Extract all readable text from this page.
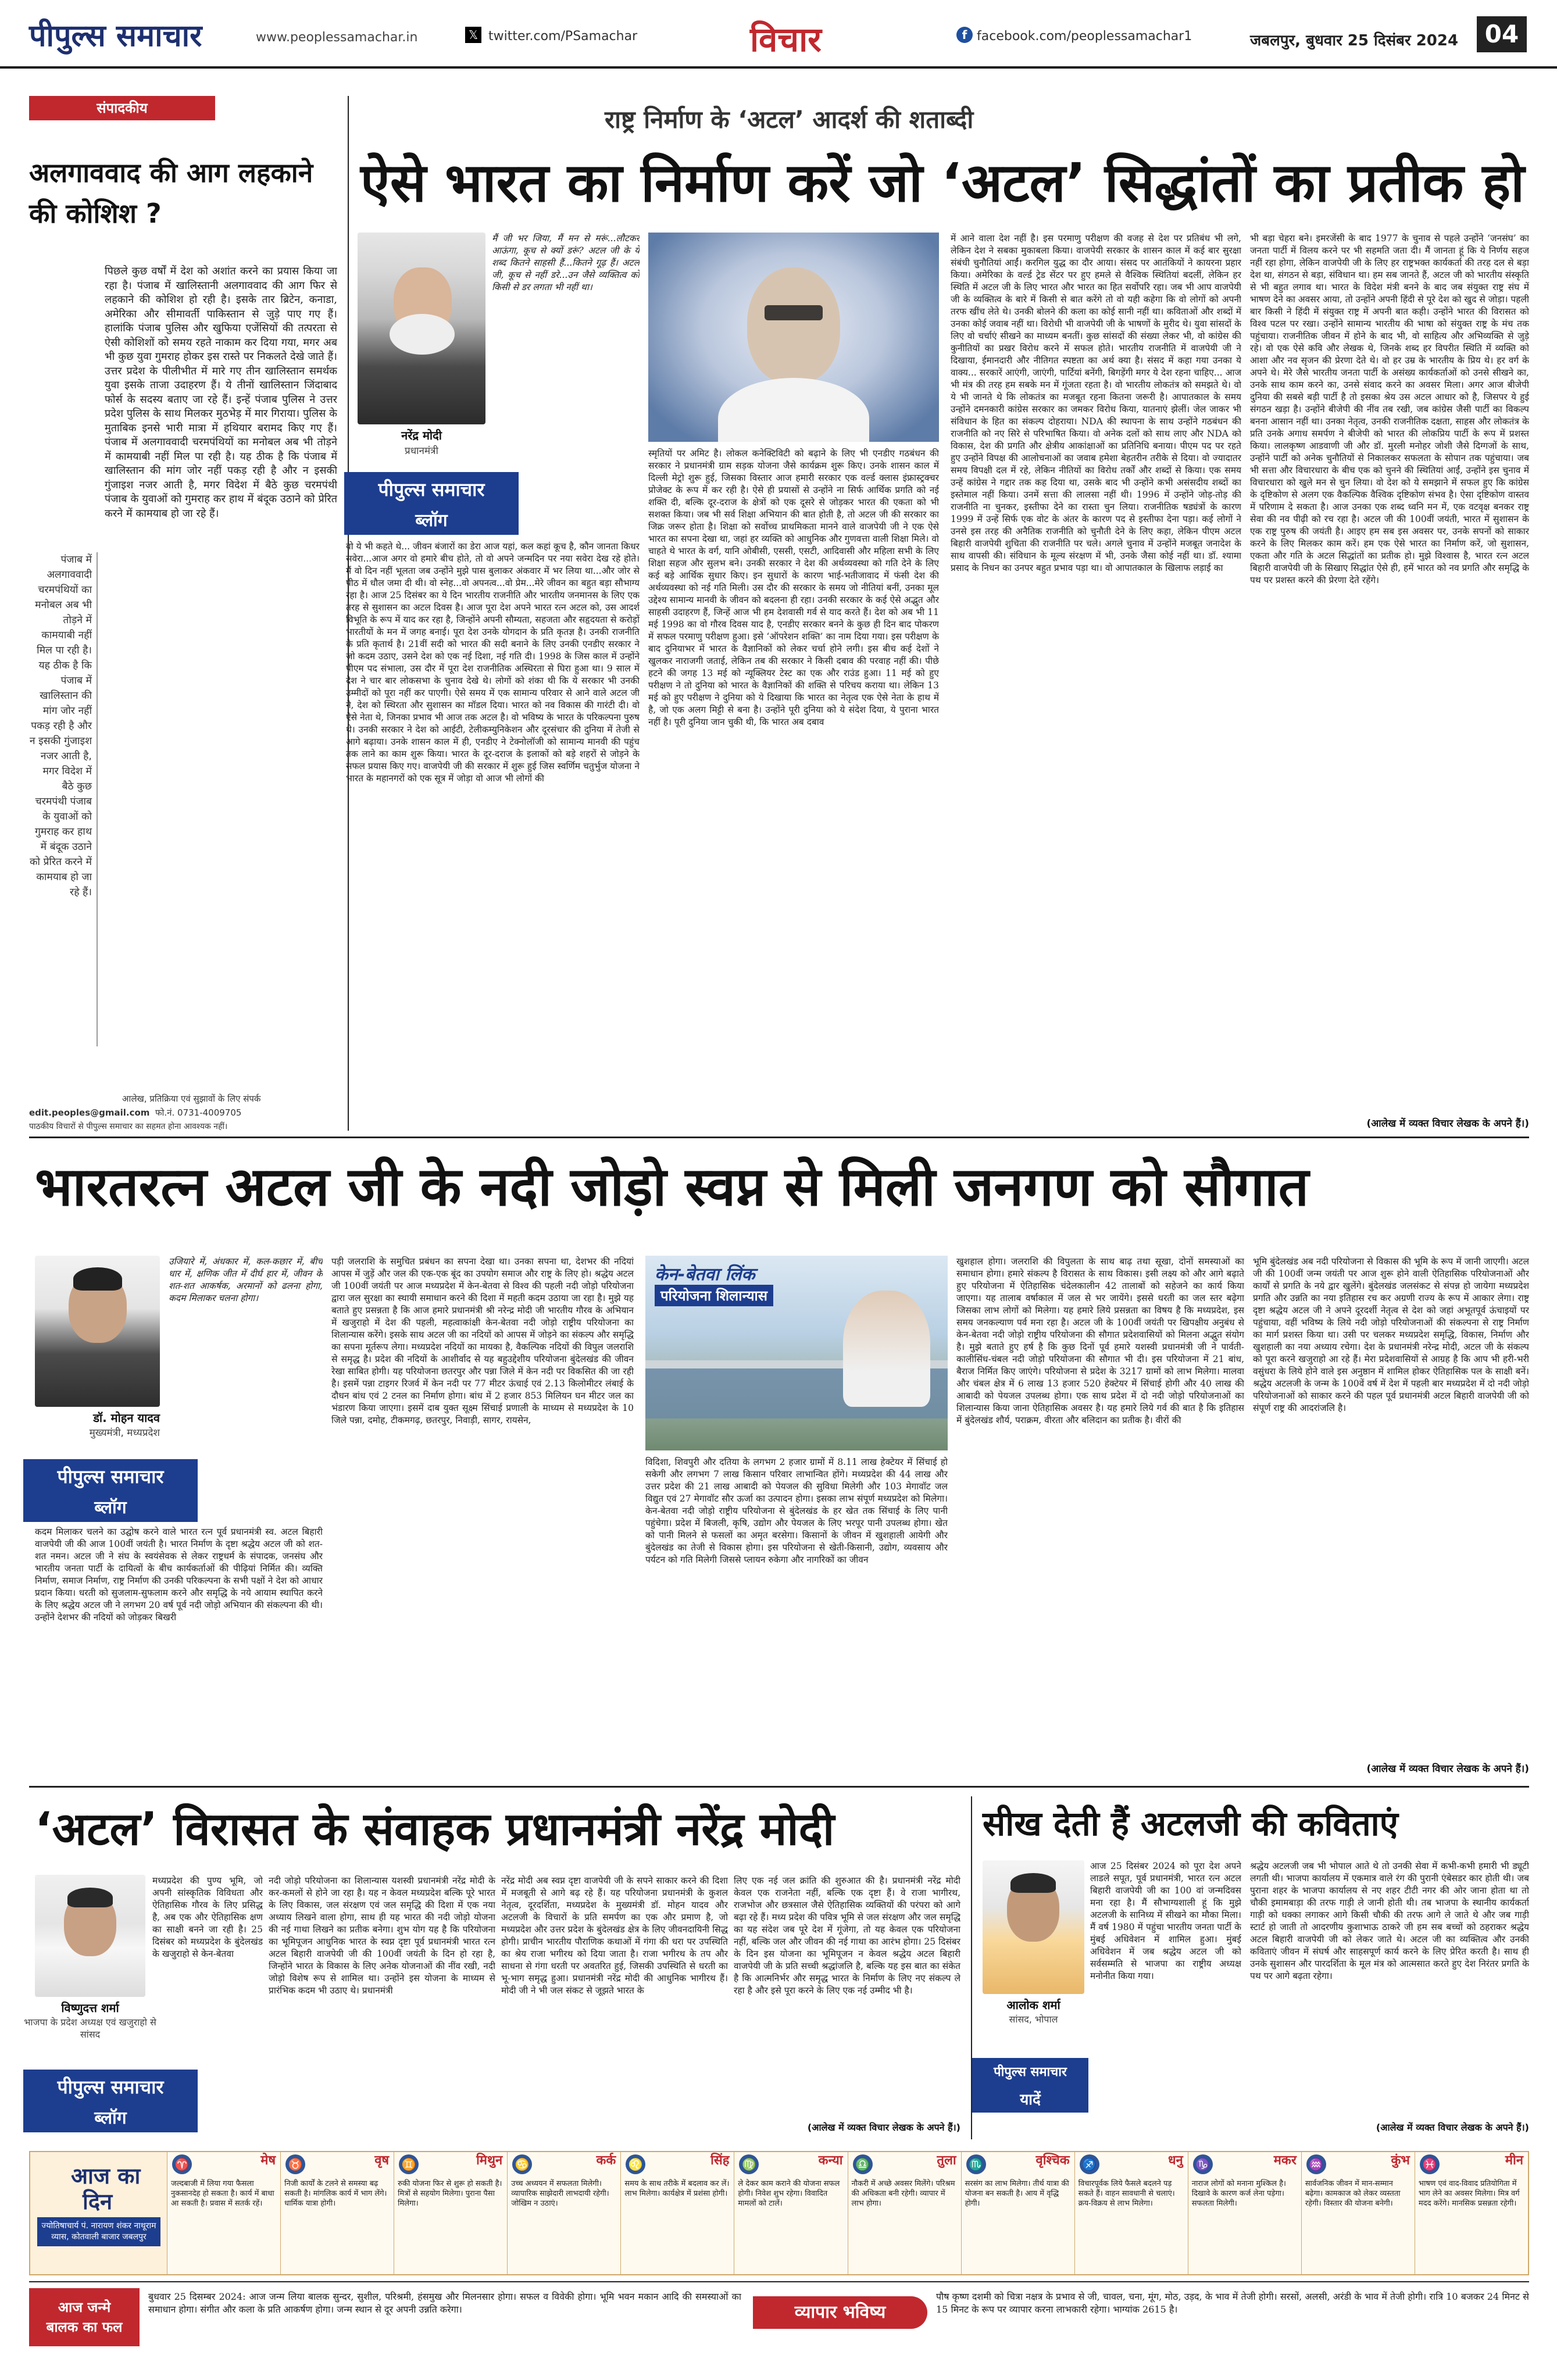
पीपुल्स समाचार	www.peoplessamachar.in	𝕏 twitter.com/PSamachar	विचार	f facebook.com/peoplessamachar1	जबलपुर, बुधवार 25 दिसंबर 2024	04
संपादकीय
अलगाववाद की आग लहकाने की कोशिश ?
पिछले कुछ वर्षों में देश को अशांत करने का प्रयास किया जा रहा है। पंजाब में खालिस्तानी अलगाववाद की आग फिर से लहकाने की कोशिश हो रही है। इसके तार ब्रिटेन, कनाडा, अमेरिका और सीमावर्ती पाकिस्तान से जुड़े पाए गए हैं। हालांकि पंजाब पुलिस और खुफिया एजेंसियों की तत्परता से ऐसी कोशिशों को समय रहते नाकाम कर दिया गया, मगर अब भी कुछ युवा गुमराह होकर इस रास्ते पर निकलते देखे जाते हैं। उत्तर प्रदेश के पीलीभीत में मारे गए तीन खालिस्तान समर्थक युवा इसके ताजा उदाहरण हैं। ये तीनों खालिस्तान जिंदाबाद फोर्स के सदस्य बताए जा रहे हैं। इन्हें पंजाब पुलिस ने उत्तर प्रदेश पुलिस के साथ मिलकर मुठभेड़ में मार गिराया। पुलिस के मुताबिक इनसे भारी मात्रा में हथियार बरामद किए गए हैं। पंजाब में अलगाववादी चरमपंथियों का मनोबल अब भी तोड़ने में कामयाबी नहीं मिल पा रही है। यह ठीक है कि पंजाब में खालिस्तान की मांग जोर नहीं पकड़ रही है और न इसकी गुंजाइश नजर आती है, मगर विदेश में बैठे कुछ चरमपंथी पंजाब के युवाओं को गुमराह कर हाथ में बंदूक उठाने को प्रेरित करने में कामयाब हो जा रहे हैं।
पंजाब में अलगाववादी चरमपंथियों का मनोबल अब भी तोड़ने में कामयाबी नहीं मिल पा रही है। यह ठीक है कि पंजाब में खालिस्तान की मांग जोर नहीं पकड़ रही है और न इसकी गुंजाइश नजर आती है, मगर विदेश में बैठे कुछ चरमपंथी पंजाब के युवाओं को गुमराह कर हाथ में बंदूक उठाने को प्रेरित करने में कामयाब हो जा रहे हैं।
आलेख, प्रतिक्रिया एवं सुझावों के लिए संपर्क
edit.peoples@gmail.com फो.नं. 0731-4009705
पाठकीय विचारों से पीपुल्स समाचार का सहमत होना आवश्यक नहीं।
राष्ट्र निर्माण के ‘अटल’ आदर्श की शताब्दी
ऐसे भारत का निर्माण करें जो ‘अटल’ सिद्धांतों का प्रतीक हो
नरेंद्र मोदी
प्रधानमंत्री
मैं जी भर जिया, मैं मन से मरूं...लौटकर आऊंगा, कूच से क्यों डरूं? अटल जी के ये शब्द कितने साहसी हैं...कितने गूढ़ हैं। अटल जी, कूच से नहीं डरे...उन जैसे व्यक्तित्व को किसी से डर लगता भी नहीं था।
पीपुल्स समाचार
ब्लॉग
वो ये भी कहते थे... जीवन बंजारों का डेरा आज यहां, कल कहां कूच है, कौन जानता किधर सवेरा...आज अगर वो हमारे बीच होते, तो वो अपने जन्मदिन पर नया सवेरा देख रहे होते। मैं वो दिन नहीं भूलता जब उन्होंने मुझे पास बुलाकर अंकवार में भर लिया था...और जोर से पीठ में धौल जमा दी थी। वो स्नेह...वो अपनत्व...वो प्रेम...मेरे जीवन का बहुत बड़ा सौभाग्य रहा है। आज 25 दिसंबर का ये दिन भारतीय राजनीति और भारतीय जनमानस के लिए एक तरह से सुशासन का अटल दिवस है। आज पूरा देश अपने भारत रत्न अटल को, उस आदर्श विभूति के रूप में याद कर रहा है, जिन्होंने अपनी सौम्यता, सहजता और सहृदयता से करोड़ों भारतीयों के मन में जगह बनाई। पूरा देश उनके योगदान के प्रति कृतज्ञ है। उनकी राजनीति के प्रति कृतार्थ है। 21वीं सदी को भारत की सदी बनाने के लिए उनकी एनडीए सरकार ने जो कदम उठाए, उसने देश को एक नई दिशा, नई गति दी। 1998 के जिस काल में उन्होंने पीएम पद संभाला, उस दौर में पूरा देश राजनीतिक अस्थिरता से घिरा हुआ था। 9 साल में देश ने चार बार लोकसभा के चुनाव देखे थे। लोगों को शंका थी कि ये सरकार भी उनकी उम्मीदों को पूरा नहीं कर पाएगी। ऐसे समय में एक सामान्य परिवार से आने वाले अटल जी ने, देश को स्थिरता और सुशासन का मॉडल दिया। भारत को नव विकास की गारंटी दी। वो ऐसे नेता थे, जिनका प्रभाव भी आज तक अटल है। वो भविष्य के भारत के परिकल्पना पुरुष थे। उनकी सरकार ने देश को आईटी, टेलीकम्युनिकेशन और दूरसंचार की दुनिया में तेजी से आगे बढ़ाया। उनके शासन काल में ही, एनडीए ने टेक्नोलॉजी को सामान्य मानवी की पहुंच तक लाने का काम शुरू किया। भारत के दूर-दराज के इलाकों को बड़े शहरों से जोड़ने के सफल प्रयास किए गए। वाजपेयी जी की सरकार में शुरू हुई जिस स्वर्णिम चतुर्भुज योजना ने भारत के महानगरों को एक सूत्र में जोड़ा वो आज भी लोगों की
स्मृतियों पर अमिट है। लोकल कनेक्टिविटी को बढ़ाने के लिए भी एनडीए गठबंधन की सरकार ने प्रधानमंत्री ग्राम सड़क योजना जैसे कार्यक्रम शुरू किए। उनके शासन काल में दिल्ली मेट्रो शुरू हुई, जिसका विस्तार आज हमारी सरकार एक वर्ल्ड क्लास इंफ्रास्ट्रक्चर प्रोजेक्ट के रूप में कर रही है। ऐसे ही प्रयासों से उन्होंने ना सिर्फ आर्थिक प्रगति को नई शक्ति दी, बल्कि दूर-दराज के क्षेत्रों को एक दूसरे से जोड़कर भारत की एकता को भी सशक्त किया। जब भी सर्व शिक्षा अभियान की बात होती है, तो अटल जी की सरकार का जिक्र जरूर होता है। शिक्षा को सर्वोच्च प्राथमिकता मानने वाले वाजपेयी जी ने एक ऐसे भारत का सपना देखा था, जहां हर व्यक्ति को आधुनिक और गुणवत्ता वाली शिक्षा मिले। वो चाहते थे भारत के वर्ग, यानि ओबीसी, एससी, एसटी, आदिवासी और महिला सभी के लिए शिक्षा सहज और सुलभ बने। उनकी सरकार ने देश की अर्थव्यवस्था को गति देने के लिए कई बड़े आर्थिक सुधार किए। इन सुधारों के कारण भाई-भतीजावाद में फंसी देश की अर्थव्यवस्था को नई गति मिली। उस दौर की सरकार के समय जो नीतियां बनीं, उनका मूल उद्देश्य सामान्य मानवी के जीवन को बदलना ही रहा। उनकी सरकार के कई ऐसे अद्भुत और साहसी उदाहरण हैं, जिन्हें आज भी हम देशवासी गर्व से याद करते हैं। देश को अब भी 11 मई 1998 का वो गौरव दिवस याद है, एनडीए सरकार बनने के कुछ ही दिन बाद पोकरण में सफल परमाणु परीक्षण हुआ। इसे ‘ऑपरेशन शक्ति’ का नाम दिया गया। इस परीक्षण के बाद दुनियाभर में भारत के वैज्ञानिकों को लेकर चर्चा होने लगी। इस बीच कई देशों ने खुलकर नाराजगी जताई, लेकिन तब की सरकार ने किसी दबाव की परवाह नहीं की। पीछे हटने की जगह 13 मई को न्यूक्लियर टेस्ट का एक और राउंड हुआ। 11 मई को हुए परीक्षण ने तो दुनिया को भारत के वैज्ञानिकों की शक्ति से परिचय कराया था। लेकिन 13 मई को हुए परीक्षण ने दुनिया को ये दिखाया कि भारत का नेतृत्व एक ऐसे नेता के हाथ में है, जो एक अलग मिट्टी से बना है। उन्होंने पूरी दुनिया को ये संदेश दिया, ये पुराना भारत नहीं है। पूरी दुनिया जान चुकी थी, कि भारत अब दबाव
में आने वाला देश नहीं है। इस परमाणु परीक्षण की वजह से देश पर प्रतिबंध भी लगे, लेकिन देश ने सबका मुकाबला किया। वाजपेयी सरकार के शासन काल में कई बार सुरक्षा संबंधी चुनौतियां आईं। करगिल युद्ध का दौर आया। संसद पर आतंकियों ने कायरना प्रहार किया। अमेरिका के वर्ल्ड ट्रेड सेंटर पर हुए हमले से वैश्विक स्थितियां बदलीं, लेकिन हर स्थिति में अटल जी के लिए भारत और भारत का हित सर्वोपरि रहा। जब भी आप वाजपेयी जी के व्यक्तित्व के बारे में किसी से बात करेंगे तो वो यही कहेगा कि वो लोगों को अपनी तरफ खींच लेते थे। उनकी बोलने की कला का कोई सानी नहीं था। कविताओं और शब्दों में उनका कोई जवाब नहीं था। विरोधी भी वाजपेयी जी के भाषणों के मुरीद थे। युवा सांसदों के लिए वो चर्चाएं सीखने का माध्यम बनतीं। कुछ सांसदों की संख्या लेकर भी, वो कांग्रेस की कुनीतियों का प्रखर विरोध करने में सफल होते। भारतीय राजनीति में वाजपेयी जी ने दिखाया, ईमानदारी और नीतिगत स्पष्टता का अर्थ क्या है। संसद में कहा गया उनका ये वाक्य... सरकारें आएंगी, जाएंगी, पार्टियां बनेंगी, बिगड़ेंगी मगर ये देश रहना चाहिए... आज भी मंत्र की तरह हम सबके मन में गूंजता रहता है। वो भारतीय लोकतंत्र को समझते थे। वो ये भी जानते थे कि लोकतंत्र का मजबूत रहना कितना जरूरी है। आपातकाल के समय उन्होंने दमनकारी कांग्रेस सरकार का जमकर विरोध किया, यातनाएं झेलीं। जेल जाकर भी संविधान के हित का संकल्प दोहराया। NDA की स्थापना के साथ उन्होंने गठबंधन की राजनीति को नए सिरे से परिभाषित किया। वो अनेक दलों को साथ लाए और NDA को विकास, देश की प्रगति और क्षेत्रीय आकांक्षाओं का प्रतिनिधि बनाया। पीएम पद पर रहते हुए उन्होंने विपक्ष की आलोचनाओं का जवाब हमेशा बेहतरीन तरीके से दिया। वो ज्यादातर समय विपक्षी दल में रहे, लेकिन नीतियों का विरोध तर्कों और शब्दों से किया। एक समय उन्हें कांग्रेस ने गद्दार तक कह दिया था, उसके बाद भी उन्होंने कभी असंसदीय शब्दों का इस्तेमाल नहीं किया। उनमें सत्ता की लालसा नहीं थी। 1996 में उन्होंने जोड़-तोड़ की राजनीति ना चुनकर, इस्तीफा देने का रास्ता चुन लिया। राजनीतिक षड्यंत्रों के कारण 1999 में उन्हें सिर्फ एक वोट के अंतर के कारण पद से इस्तीफा देना पड़ा। कई लोगों ने उनसे इस तरह की अनैतिक राजनीति को चुनौती देने के लिए कहा, लेकिन पीएम अटल बिहारी वाजपेयी शुचिता की राजनीति पर चले। अगले चुनाव में उन्होंने मजबूत जनादेश के साथ वापसी की। संविधान के मूल्य संरक्षण में भी, उनके जैसा कोई नहीं था। डॉ. श्यामा प्रसाद के निधन का उनपर बहुत प्रभाव पड़ा था। वो आपातकाल के खिलाफ लड़ाई का
भी बड़ा चेहरा बने। इमरजेंसी के बाद 1977 के चुनाव से पहले उन्होंने ‘जनसंघ’ का जनता पार्टी में विलय करने पर भी सहमति जता दी। मैं जानता हूं कि ये निर्णय सहज नहीं रहा होगा, लेकिन वाजपेयी जी के लिए हर राष्ट्रभक्त कार्यकर्ता की तरह दल से बड़ा देश था, संगठन से बड़ा, संविधान था। हम सब जानते हैं, अटल जी को भारतीय संस्कृति से भी बहुत लगाव था। भारत के विदेश मंत्री बनने के बाद जब संयुक्त राष्ट्र संघ में भाषण देने का अवसर आया, तो उन्होंने अपनी हिंदी से पूरे देश को खुद से जोड़ा। पहली बार किसी ने हिंदी में संयुक्त राष्ट्र में अपनी बात कही। उन्होंने भारत की विरासत को विश्व पटल पर रखा। उन्होंने सामान्य भारतीय की भाषा को संयुक्त राष्ट्र के मंच तक पहुंचाया। राजनीतिक जीवन में होने के बाद भी, वो साहित्य और अभिव्यक्ति से जुड़े रहे। वो एक ऐसे कवि और लेखक थे, जिनके शब्द हर विपरीत स्थिति में व्यक्ति को आशा और नव सृजन की प्रेरणा देते थे। वो हर उम्र के भारतीय के प्रिय थे। हर वर्ग के अपने थे। मेरे जैसे भारतीय जनता पार्टी के असंख्य कार्यकर्ताओं को उनसे सीखने का, उनके साथ काम करने का, उनसे संवाद करने का अवसर मिला। अगर आज बीजेपी दुनिया की सबसे बड़ी पार्टी है तो इसका श्रेय उस अटल आधार को है, जिसपर ये हुई संगठन खड़ा है। उन्होंने बीजेपी की नींव तब रखी, जब कांग्रेस जैसी पार्टी का विकल्प बनना आसान नहीं था। उनका नेतृत्व, उनकी राजनीतिक दक्षता, साहस और लोकतंत्र के प्रति उनके अगाध समर्पण ने बीजेपी को भारत की लोकप्रिय पार्टी के रूप में प्रशस्त किया। लालकृष्ण आडवाणी जी और डॉ. मुरली मनोहर जोशी जैसे दिग्गजों के साथ, उन्होंने पार्टी को अनेक चुनौतियों से निकालकर सफलता के सोपान तक पहुंचाया। जब भी सत्ता और विचारधारा के बीच एक को चुनने की स्थितियां आईं, उन्होंने इस चुनाव में विचारधारा को खुले मन से चुन लिया। वो देश को ये समझाने में सफल हुए कि कांग्रेस के दृष्टिकोण से अलग एक वैकल्पिक वैश्विक दृष्टिकोण संभव है। ऐसा दृष्टिकोण वास्तव में परिणाम दे सकता है। आज उनका एक शब्द ध्वनि मन में, एक वटवृक्ष बनकर राष्ट्र सेवा की नव पीढ़ी को रच रहा है। अटल जी की 100वीं जयंती, भारत में सुशासन के एक राष्ट्र पुरुष की जयंती है। आइए हम सब इस अवसर पर, उनके सपनों को साकार करने के लिए मिलकर काम करें। हम एक ऐसे भारत का निर्माण करें, जो सुशासन, एकता और गति के अटल सिद्धांतों का प्रतीक हो। मुझे विश्वास है, भारत रत्न अटल बिहारी वाजपेयी जी के सिखाए सिद्धांत ऐसे ही, हमें भारत को नव प्रगति और समृद्धि के पथ पर प्रशस्त करने की प्रेरणा देते रहेंगे।
(आलेख में व्यक्त विचार लेखक के अपने हैं।)
भारतरत्न अटल जी के नदी जोड़ो स्वप्न से मिली जनगण को सौगात
डॉ. मोहन यादव
मुख्यमंत्री, मध्यप्रदेश
उजियारे में, अंधकार में, कल-कछार में, बीच धार में, क्षणिक जीत में दीर्घ हार में, जीवन के शत-शत आकर्षक, अरमानों को ढलना होगा, कदम मिलाकर चलना होगा।
पीपुल्स समाचार
ब्लॉग
कदम मिलाकर चलने का उद्घोष करने वाले भारत रत्न पूर्व प्रधानमंत्री स्व. अटल बिहारी वाजपेयी जी की आज 100वीं जयंती है। भारत निर्माण के दृष्टा श्रद्धेय अटल जी को शत-शत नमन। अटल जी ने संघ के स्वयंसेवक से लेकर राष्ट्रधर्म के संपादक, जनसंघ और भारतीय जनता पार्टी के दायित्वों के बीच कार्यकर्ताओं की पीढ़ियां निर्मित की। व्यक्ति निर्माण, समाज निर्माण, राष्ट्र निर्माण की उनकी परिकल्पना के सभी पक्षों ने देश को आधार प्रदान किया। धरती को सुजलाम-सुफलाम करने और समृद्धि के नये आयाम स्थापित करने के लिए श्रद्धेय अटल जी ने लगभग 20 वर्ष पूर्व नदी जोड़ो अभियान की संकल्पना की थी। उन्होंने देशभर की नदियों को जोड़कर बिखरी
पड़ी जलराशि के समुचित प्रबंधन का सपना देखा था। उनका सपना था, देशभर की नदियां आपस में जुड़ें और जल की एक-एक बूंद का उपयोग समाज और राष्ट्र के लिए हो। श्रद्धेय अटल जी 100वीं जयंती पर आज मध्यप्रदेश में केन-बेतवा से विश्व की पहली नदी जोड़ो परियोजना द्वारा जल सुरक्षा का स्थायी समाधान करने की दिशा में महती कदम उठाया जा रहा है। मुझे यह बताते हुए प्रसन्नता है कि आज हमारे प्रधानमंत्री श्री नरेन्द्र मोदी जी भारतीय गौरव के अभियान में खजुराहो में देश की पहली, महत्वाकांक्षी केन-बेतवा नदी जोड़ो राष्ट्रीय परियोजना का शिलान्यास करेंगे। इसके साथ अटल जी का नदियों को आपस में जोड़ने का संकल्प और समृद्धि का सपना मूर्तरूप लेगा। मध्यप्रदेश नदियों का मायका है, वैकल्पिक नदियों की विपुल जलराशि से समृद्ध है। प्रदेश की नदियों के आशीर्वाद से यह बहुउद्देशीय परियोजना बुंदेलखंड की जीवन रेखा साबित होगी। यह परियोजना छतरपुर और पन्ना जिले में केन नदी पर विकसित की जा रही है। इसमें पन्ना टाइगर रिजर्व में केन नदी पर 77 मीटर ऊंचाई एवं 2.13 किलोमीटर लंबाई के दौधन बांध एवं 2 टनल का निर्माण होगा। बांध में 2 हजार 853 मिलियन घन मीटर जल का भंडारण किया जाएगा। इसमें दाब युक्त सूक्ष्म सिंचाई प्रणाली के माध्यम से मध्यप्रदेश के 10 जिले पन्ना, दमोह, टीकमगढ़, छतरपुर, निवाड़ी, सागर, रायसेन,
केन-बेतवा लिंक
परियोजना शिलान्यास
विदिशा, शिवपुरी और दतिया के लगभग 2 हजार ग्रामों में 8.11 लाख हेक्टेयर में सिंचाई हो सकेगी और लगभग 7 लाख किसान परिवार लाभान्वित होंगे। मध्यप्रदेश की 44 लाख और उत्तर प्रदेश की 21 लाख आबादी को पेयजल की सुविधा मिलेगी और 103 मेगावॉट जल विद्युत एवं 27 मेगावॉट सौर ऊर्जा का उत्पादन होगा। इसका लाभ संपूर्ण मध्यप्रदेश को मिलेगा। केन-बेतवा नदी जोड़ो राष्ट्रीय परियोजना से बुंदेलखंड के हर खेत तक सिंचाई के लिए पानी पहुंचेगा। प्रदेश में बिजली, कृषि, उद्योग और पेयजल के लिए भरपूर पानी उपलब्ध होगा। खेत को पानी मिलने से फसलों का अमृत बरसेगा। किसानों के जीवन में खुशहाली आयेगी और बुंदेलखंड का तेजी से विकास होगा। इस परियोजना से खेती-किसानी, उद्योग, व्यवसाय और पर्यटन को गति मिलेगी जिससे प्लायन रुकेगा और नागरिकों का जीवन
खुशहाल होगा। जलराशि की विपुलता के साथ बाढ़ तथा सूखा, दोनों समस्याओं का समाधान होगा। हमारे संकल्प है विरासत के साथ विकास। इसी लक्ष्य को और आगे बढ़ाते हुए परियोजना में ऐतिहासिक चंदेलकालीन 42 तालाबों को सहेजने का कार्य किया जाएगा। यह तालाब वर्षाकाल में जल से भर जायेंगे। इससे धरती का जल स्तर बढ़ेगा जिसका लाभ लोगों को मिलेगा। यह हमारे लिये प्रसन्नता का विषय है कि मध्यप्रदेश, इस समय जनकल्याण पर्व मना रहा है। अटल जी के 100वीं जयंती पर खिपक्षीय अनुबंध से केन-बेतवा नदी जोड़ो राष्ट्रीय परियोजना की सौगात प्रदेशवासियों को मिलना अद्भुत संयोग है। मुझे बताते हुए हर्ष है कि कुछ दिनों पूर्व हमारे यशस्वी प्रधानमंत्री जी ने पार्वती-कालीसिंध-चंबल नदी जोड़ो परियोजना की सौगात भी दी। इस परियोजना में 21 बांध, बैराज निर्मित किए जाएंगे। परियोजना से प्रदेश के 3217 ग्रामों को लाभ मिलेगा। मालवा और चंबल क्षेत्र में 6 लाख 13 हजार 520 हेक्टेयर में सिंचाई होगी और 40 लाख की आबादी को पेयजल उपलब्ध होगा। एक साथ प्रदेश में दो नदी जोड़ो परियोजनाओं का शिलान्यास किया जाना ऐतिहासिक अवसर है। यह हमारे लिये गर्व की बात है कि इतिहास में बुंदेलखंड शौर्य, पराक्रम, वीरता और बलिदान का प्रतीक है। वीरों की
भूमि बुंदेलखंड अब नदी परियोजना से विकास की भूमि के रूप में जानी जाएगी। अटल जी की 100वीं जन्म जयंती पर आज शुरू होने वाली ऐतिहासिक परियोजनाओं और कार्यों से प्रगति के नये द्वार खुलेंगे। बुंदेलखंड जलसंकट से संपन्न हो जायेगा मध्यप्रदेश प्रगति और उन्नति का नया इतिहास रच कर अग्रणी राज्य के रूप में आकार लेगा। राष्ट्र दृष्टा श्रद्धेय अटल जी ने अपने दूरदर्शी नेतृत्व से देश को जहां अभूतपूर्व ऊंचाइयों पर पहुंचाया, वहीं भविष्य के लिये नदी जोड़ो परियोजनाओं की संकल्पना से राष्ट्र निर्माण का मार्ग प्रशस्त किया था। उसी पर चलकर मध्यप्रदेश समृद्धि, विकास, निर्माण और खुशहाली का नया अध्याय रचेगा। देश के प्रधानमंत्री नरेन्द्र मोदी, अटल जी के संकल्प को पूरा करने खजुराहो आ रहे हैं। मेरा प्रदेशवासियों से आग्रह है कि आप भी हरी-भरी वसुंधरा के लिये होने वाले इस अनुष्ठान में शामिल होकर ऐतिहासिक पल के साक्षी बनें। श्रद्धेय अटलजी के जन्म के 100वें वर्ष में देश में पहली बार मध्यप्रदेश में दो नदी जोड़ो परियोजनाओं को साकार करने की पहल पूर्व प्रधानमंत्री अटल बिहारी वाजपेयी जी को संपूर्ण राष्ट्र की आदरांजलि है।
(आलेख में व्यक्त विचार लेखक के अपने हैं।)
‘अटल’ विरासत के संवाहक प्रधानमंत्री नरेंद्र मोदी
विष्णुदत्त शर्मा
भाजपा के प्रदेश अध्यक्ष एवं खजुराहो से सांसद
पीपुल्स समाचार
ब्लॉग
मध्यप्रदेश की पुण्य भूमि, जो अपनी सांस्कृतिक विविधता और ऐतिहासिक गौरव के लिए प्रसिद्ध है, अब एक और ऐतिहासिक क्षण का साक्षी बनने जा रही है। 25 दिसंबर को मध्यप्रदेश के बुंदेलखंड के खजुराहो से केन-बेतवा
नदी जोड़ो परियोजना का शिलान्यास यशस्वी प्रधानमंत्री नरेंद्र मोदी के कर-कमलों से होने जा रहा है। यह न केवल मध्यप्रदेश बल्कि पूरे भारत के लिए विकास, जल संरक्षण एवं जल समृद्धि की दिशा में एक नया अध्याय लिखने वाला होगा, साथ ही यह भारत की नदी जोड़ो योजना की नई गाथा लिखने का प्रतीक बनेगा। शुभ योग यह है कि परियोजना का भूमिपूजन आधुनिक भारत के स्वप्न दृष्टा पूर्व प्रधानमंत्री भारत रत्न अटल बिहारी वाजपेयी जी की 100वीं जयंती के दिन हो रहा है, जिन्होंने भारत के विकास के लिए अनेक योजनाओं की नींव रखी, नदी जोड़ो विशेष रूप से शामिल था। उन्होंने इस योजना के माध्यम से प्रारंभिक कदम भी उठाए थे। प्रधानमंत्री
नरेंद्र मोदी अब स्वप्न दृष्टा वाजपेयी जी के सपने साकार करने की दिशा में मजबूती से आगे बढ़ रहे हैं। यह परियोजना प्रधानमंत्री के कुशल नेतृत्व, दूरदर्शिता, मध्यप्रदेश के मुख्यमंत्री डॉ. मोहन यादव और अटलजी के विचारों के प्रति समर्पण का एक और प्रमाण है, जो मध्यप्रदेश और उत्तर प्रदेश के बुंदेलखंड क्षेत्र के लिए जीवनदायिनी सिद्ध होगी। प्राचीन भारतीय पौराणिक कथाओं में गंगा की धरा पर उपस्थिति का श्रेय राजा भगीरथ को दिया जाता है। राजा भगीरथ के तप और साधना से गंगा धरती पर अवतरित हुई, जिसकी उपस्थिति से धरती का भू-भाग समृद्ध हुआ। प्रधानमंत्री नरेंद्र मोदी की आधुनिक भागीरथ हैं। मोदी जी ने भी जल संकट से जूझते भारत के
लिए एक नई जल क्रांति की शुरुआत की है। प्रधानमंत्री नरेंद्र मोदी केवल एक राजनेता नहीं, बल्कि एक दृष्टा हैं। वे राजा भागीरथ, राजभोज और छत्रसाल जैसे ऐतिहासिक व्यक्तियों की परंपरा को आगे बढ़ा रहे हैं। मध्य प्रदेश की पवित्र भूमि से जल संरक्षण और जल समृद्धि का यह संदेश जब पूरे देश में गूंजेगा, तो यह केवल एक परियोजना नहीं, बल्कि जल और जीवन की नई गाथा का आरंभ होगा। 25 दिसंबर के दिन इस योजना का भूमिपूजन न केवल श्रद्धेय अटल बिहारी वाजपेयी जी के प्रति सच्ची श्रद्धांजलि है, बल्कि यह इस बात का संकेत है कि आत्मनिर्भर और समृद्ध भारत के निर्माण के लिए नए संकल्प ले रहा है और इसे पूरा करने के लिए एक नई उम्मीद भी है।
(आलेख में व्यक्त विचार लेखक के अपने हैं।)
सीख देती हैं अटलजी की कविताएं
आलोक शर्मा
सांसद, भोपाल
आज 25 दिसंबर 2024 को पूरा देश अपने लाडले सपूत, पूर्व प्रधानमंत्री, भारत रत्न अटल बिहारी वाजपेयी जी का 100 वां जन्मदिवस मना रहा है। मैं सौभाग्यशाली हूं कि मुझे अटलजी के सानिध्य में सीखने का मौका मिला। मैं वर्ष 1980 में पहुंचा भारतीय जनता पार्टी के मुंबई अधिवेशन में शामिल हुआ। मुंबई अधिवेशन में जब श्रद्धेय अटल जी को सर्वसम्मति से भाजपा का राष्ट्रीय अध्यक्ष मनोनीत किया गया।
पीपुल्स समाचार
यादें
श्रद्धेय अटलजी जब भी भोपाल आते थे तो उनकी सेवा में कभी-कभी हमारी भी ड्यूटी लगती थी। भाजपा कार्यालय में एकमात्र वाले रंग की पुरानी एंबेसडर कार होती थी। जब पुराना शहर के भाजपा कार्यालय से नए शहर टीटी नगर की ओर जाना होता था तो चौकी इमामबाड़ा की तरफ गाड़ी ले जानी होती थी। तब भाजपा के स्थानीय कार्यकर्ता गाड़ी को धक्का लगाकर आगे किसी चौकी की तरफ आगे ले जाते थे और जब गाड़ी स्टार्ट हो जाती तो आदरणीय कुशाभाऊ ठाकरे जी हम सब बच्चों को ठहराकर श्रद्धेय अटल बिहारी वाजपेयी जी को लेकर जाते थे। अटल जी का व्यक्तित्व और उनकी कविताएं जीवन में संघर्ष और साहसपूर्ण कार्य करने के लिए प्रेरित करती है। साथ ही उनके सुशासन और पारदर्शिता के मूल मंत्र को आत्मसात करते हुए देश निरंतर प्रगति के पथ पर आगे बढ़ता रहेगा।
(आलेख में व्यक्त विचार लेखक के अपने हैं।)
आज का
दिन
ज्योतिषाचार्य पं. नारायण शंकर नाथूराम व्यास, कोतवाली बाजार जबलपुर
♈	मेष
जल्दबाजी में लिया गया फैसला नुकसानदेह हो सकता है। कार्य में बाधा आ सकती है। प्रवास में सतर्क रहें।
♉	वृष
निजी कार्यों के टलने से समस्या बढ़ सकती है। मांगलिक कार्य में भाग लेंगे। धार्मिक यात्रा होगी।
♊	मिथुन
रुकी योजना फिर से शुरू हो सकती है। मित्रों से सहयोग मिलेगा। पुराना पैसा मिलेगा।
♋	कर्क
उच्च अध्ययन में सफलता मिलेगी। व्यापारिक साझेदारी लाभदायी रहेगी। जोखिम न उठाएं।
♌	सिंह
समय के साथ तरीके में बदलाव कर लें। लाभ मिलेगा। कार्यक्षेत्र में प्रशंसा होगी।
♍	कन्या
ले देकर काम कराने की योजना सफल होगी। निवेश शुभ रहेगा। विवादित मामलों को टालें।
♎	तुला
नौकरी में अच्छे अवसर मिलेंगे। परिश्रम की अधिकता बनी रहेगी। व्यापार में लाभ होगा।
♏	वृश्चिक
सरसंग का लाभ मिलेगा। तीर्थ यात्रा की योजना बन सकती है। आय में वृद्धि होगी।
♐	धनु
विचारपूर्वक लिये फैसले बदलने पड़ सकते हैं। वाहन सावधानी से चलाएं। क्रय-विक्रय से लाभ मिलेगा।
♑	मकर
नाराज लोगों को मनाना मुश्किल है। दिखावे के कारण कर्ज लेना पड़ेगा। सफलता मिलेगी।
♒	कुंभ
सार्वजनिक जीवन में मान-सम्मान बढ़ेगा। कामकाज को लेकर व्यस्तता रहेगी। विस्तार की योजना बनेगी।
♓	मीन
भाषण एवं वाद-विवाद प्रतियोगिता में भाग लेने का अवसर मिलेगा। मित्र वर्ग मदद करेंगे। मानसिक प्रसन्नता रहेगी।
आज जन्मे
बालक का फल
बुधवार 25 दिसम्बर 2024: आज जन्म लिया बालक सुन्दर, सुशील, परिश्रमी, हंसमुख और मिलनसार होगा। सफल व विवेकी होगा। भूमि भवन मकान आदि की समस्याओं का समाधान होगा। संगीत और कला के प्रति आकर्षण होगा। जन्म स्थान से दूर अपनी उन्नति करेगा।	व्यापार भविष्य
पौष कृष्ण दशमी को चित्रा नक्षत्र के प्रभाव से जी, चावल, चना, मूंग, मोठ, उड़द, के भाव में तेजी होगी। सरसों, अलसी, अरंडी के भाव में तेजी होगी। रात्रि 10 बजकर 24 मिनट से 15 मिनट के रूप पर व्यापार करना लाभकारी रहेगा। भाग्यांक 2615 है।
